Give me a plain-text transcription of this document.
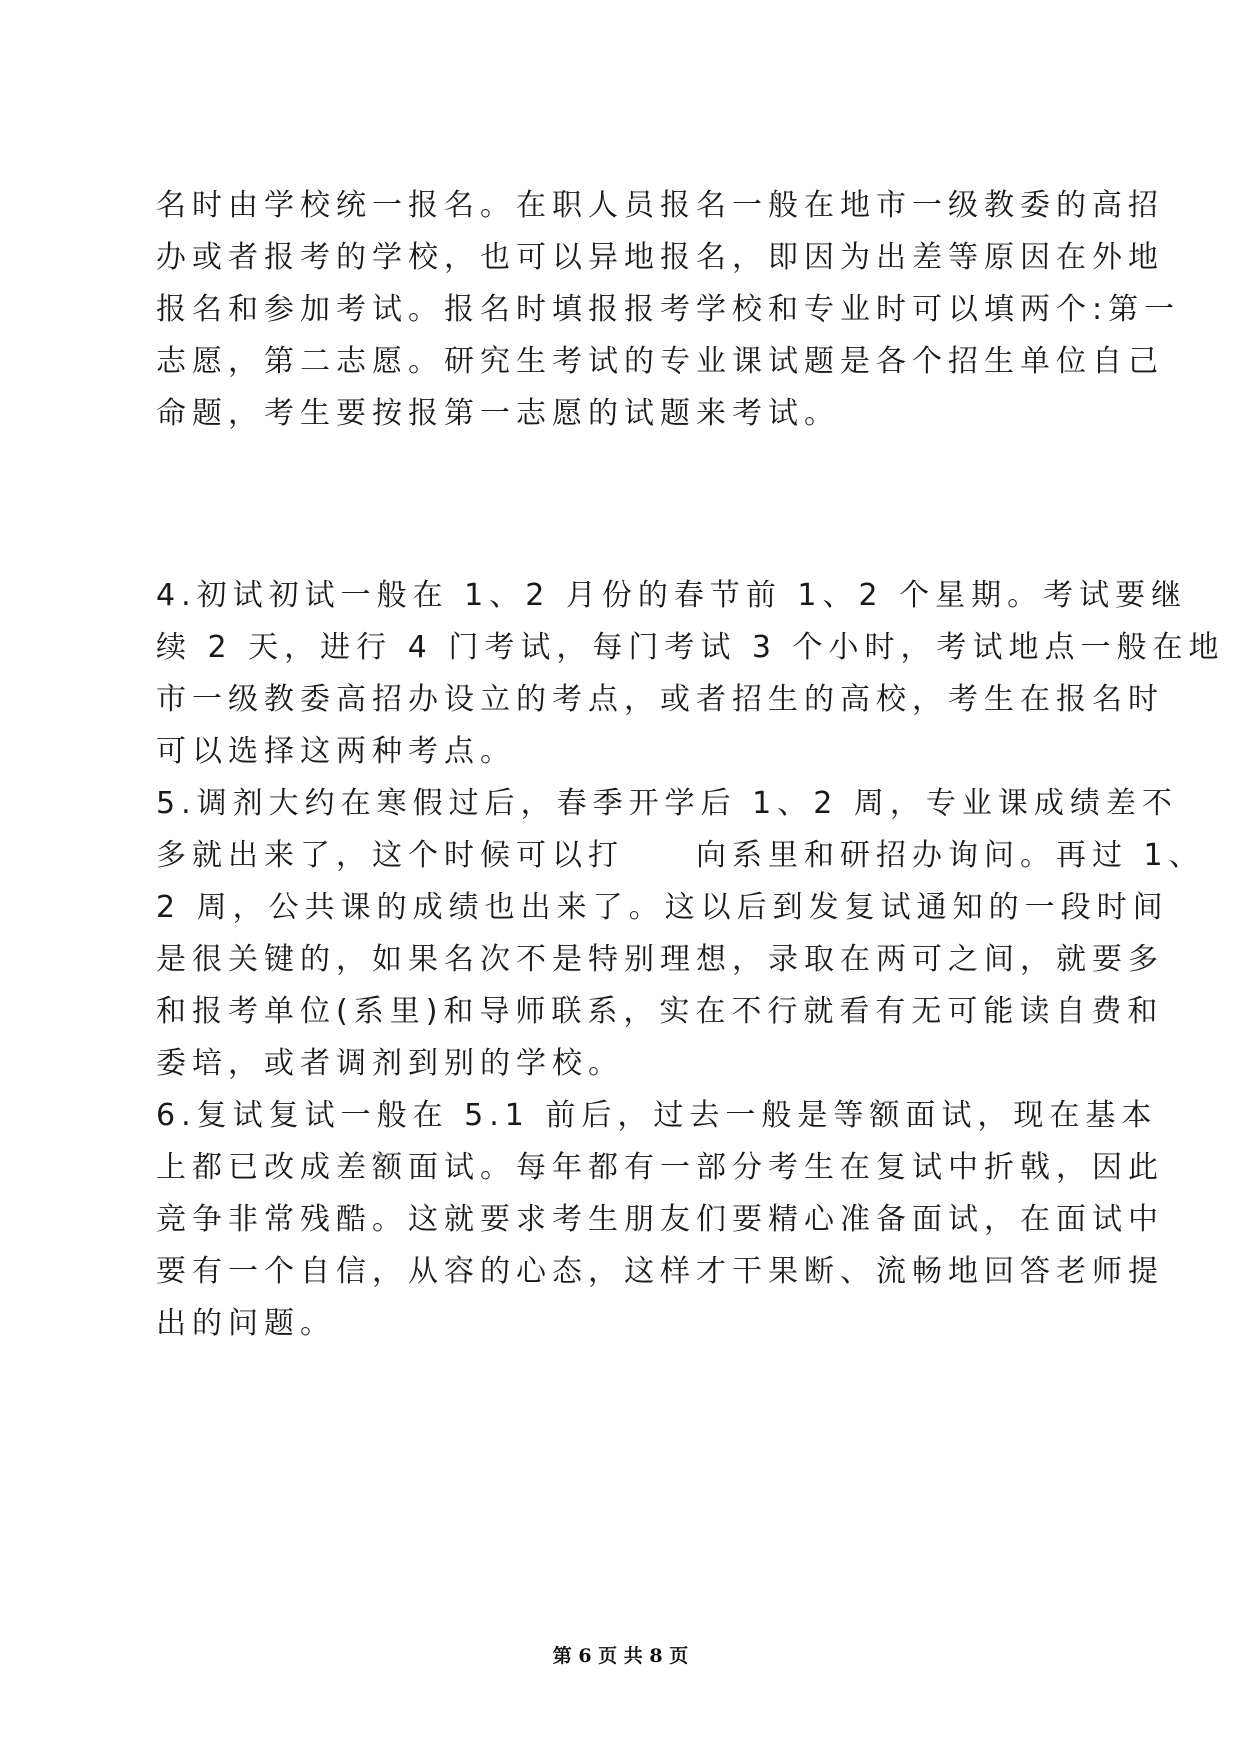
名时由学校统一报名。在职人员报名一般在地市一级教委的高招
办或者报考的学校，也可以异地报名，即因为出差等原因在外地
报名和参加考试。报名时填报报考学校和专业时可以填两个:第一
志愿，第二志愿。研究生考试的专业课试题是各个招生单位自己
命题，考生要按报第一志愿的试题来考试。
4.初试初试一般在 1、2 月份的春节前 1、2 个星期。考试要继
续 2 天，进行 4 门考试，每门考试 3 个小时，考试地点一般在地
市一级教委高招办设立的考点，或者招生的高校，考生在报名时
可以选择这两种考点。
5.调剂大约在寒假过后，春季开学后 1、2 周，专业课成绩差不
多就出来了，这个时候可以打　　向系里和研招办询问。再过 1、
2 周，公共课的成绩也出来了。这以后到发复试通知的一段时间
是很关键的，如果名次不是特别理想，录取在两可之间，就要多
和报考单位(系里)和导师联系，实在不行就看有无可能读自费和
委培，或者调剂到别的学校。
6.复试复试一般在 5.1 前后，过去一般是等额面试，现在基本
上都已改成差额面试。每年都有一部分考生在复试中折戟，因此
竞争非常残酷。这就要求考生朋友们要精心准备面试，在面试中
要有一个自信，从容的心态，这样才干果断、流畅地回答老师提
出的问题。
第 6 页 共 8 页
